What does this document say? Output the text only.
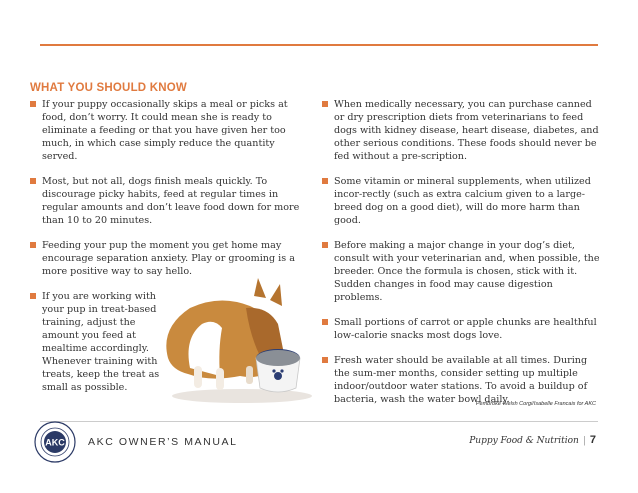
WHAT YOU SHOULD KNOW

If your puppy occasionally skips a meal or picks at food, don’t worry. It could mean she is ready to eliminate a feeding or that you have given her too much, in which case simply reduce the quantity served.

Most, but not all, dogs finish meals quickly. To discourage picky habits, feed at regular times in regular amounts and don’t leave food down for more than 10 to 20 minutes.

Feeding your pup the moment you get home may encourage separation anxiety. Play or grooming is a more positive way to say hello.

If you are working with your pup in treat-based training, adjust the amount you feed at mealtime accordingly. Whenever training with treats, keep the treat as small as possible.

When medically necessary, you can purchase canned or dry prescription diets from veterinarians to feed dogs with kidney disease, heart disease, diabetes, and other serious conditions. These foods should never be fed without a pre-scription.

Some vitamin or mineral supplements, when utilized incor-rectly (such as extra calcium given to a large-breed dog on a good diet), will do more harm than good.

Before making a major change in your dog’s diet, consult with your veterinarian and, when possible, the breeder. Once the formula is chosen, stick with it. Sudden changes in food may cause digestion problems.

Small portions of carrot or apple chunks are healthful low-calorie snacks most dogs love.

Fresh water should be available at all times. During the sum-mer months, consider setting up multiple indoor/outdoor water stations. To avoid a buildup of bacteria, wash the water bowl daily.

Pembroke Welsh Corgi/Isabelle Francais for AKC
AKC AKC OWNER’S MANUAL	Puppy Food & Nutrition | 7
